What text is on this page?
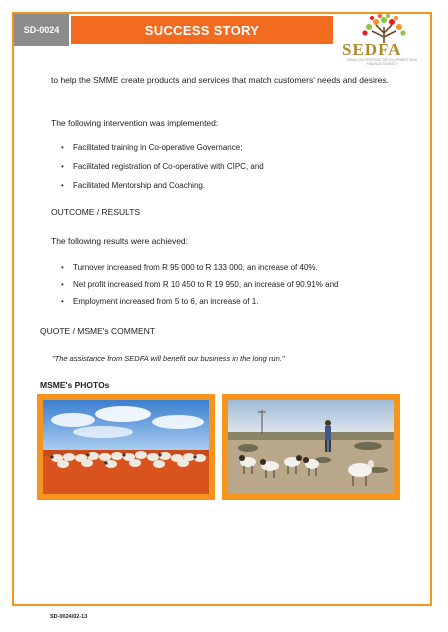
SD-0024	SUCCESS STORY
SEDFA
SMALL ENTERPRISE DEVELOPMENT AND FINANCE AGENCY

to help the SMME create products and services that match customers' needs and desires.

The following intervention was implemented:

• Facilitated training in Co-operative Governance;
• Facilitated registration of Co-operative with CIPC, and
• Facilitated Mentorship and Coaching.

OUTCOME / RESULTS

The following results were achieved:

• Turnover increased from R 95 000 to R 133 000, an increase of 40%.
• Net profit increased from R 10 450 to R 19 950, an increase of 90.91% and
• Employment increased from 5 to 6, an increase of 1.

QUOTE / MSME's COMMENT

"The assistance from SEDFA will benefit our business in the long run."

MSME's PHOTOs

SD-0024/02-13
